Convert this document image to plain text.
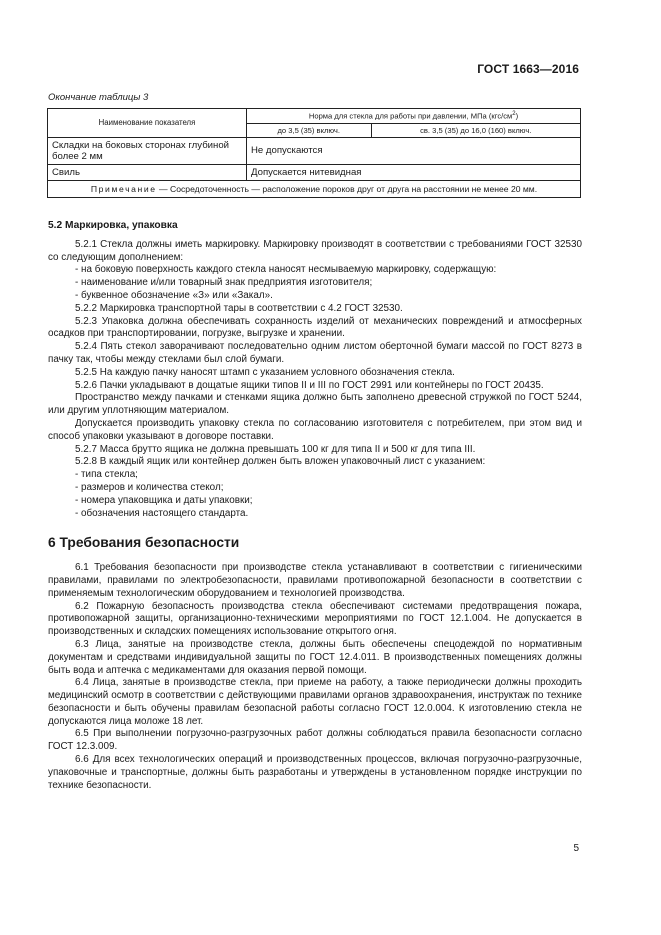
ГОСТ 1663—2016
Окончание таблицы 3
Наименование показателя	Норма для стекла для работы при давлении, МПа $(кгс/см^2)$	
	до 3,5 (35) включ.	св. 3,5 (35) до 16,0 (160) включ.
Складки на боковых сторонах глубиной более 2 мм	Не допускаются	
Свиль	Допускается нитевидная	
Примечание — Сосредоточенность — расположение пороков друг от друга на расстоянии не менее 20 мм.		

5.2 Маркировка, упаковка

5.2.1 Стекла должны иметь маркировку. Маркировку производят в соответствии с требованиями ГОСТ 32530 со следующим дополнением:

- на боковую поверхность каждого стекла наносят несмываемую маркировку, содержащую:

- наименование и/или товарный знак предприятия изготовителя;

- буквенное обозначение «З» или «Закал».

5.2.2 Маркировка транспортной тары в соответствии с 4.2 ГОСТ 32530.

5.2.3 Упаковка должна обеспечивать сохранность изделий от механических повреждений и атмосферных осадков при транспортировании, погрузке, выгрузке и хранении.

5.2.4 Пять стекол заворачивают последовательно одним листом оберточной бумаги массой по ГОСТ 8273 в пачку так, чтобы между стеклами был слой бумаги.

5.2.5 На каждую пачку наносят штамп с указанием условного обозначения стекла.

5.2.6 Пачки укладывают в дощатые ящики типов II и III по ГОСТ 2991 или контейнеры по ГОСТ 20435.

Пространство между пачками и стенками ящика должно быть заполнено древесной стружкой по ГОСТ 5244, или другим уплотняющим материалом.

Допускается производить упаковку стекла по согласованию изготовителя с потребителем, при этом вид и способ упаковки указывают в договоре поставки.

5.2.7 Масса брутто ящика не должна превышать 100 кг для типа II и 500 кг для типа III.

5.2.8 В каждый ящик или контейнер должен быть вложен упаковочный лист с указанием:

- типа стекла;

- размеров и количества стекол;

- номера упаковщика и даты упаковки;

- обозначения настоящего стандарта.

6 Требования безопасности

6.1 Требования безопасности при производстве стекла устанавливают в соответствии с гигиеническими правилами, правилами по электробезопасности, правилами противопожарной безопасности в соответствии с применяемым технологическим оборудованием и технологией производства.

6.2 Пожарную безопасность производства стекла обеспечивают системами предотвращения пожара, противопожарной защиты, организационно-техническими мероприятиями по ГОСТ 12.1.004. Не допускается в производственных и складских помещениях использование открытого огня.

6.3 Лица, занятые на производстве стекла, должны быть обеспечены спецодеждой по нормативным документам и средствами индивидуальной защиты по ГОСТ 12.4.011. В производственных помещениях должны быть вода и аптечка с медикаментами для оказания первой помощи.

6.4 Лица, занятые в производстве стекла, при приеме на работу, а также периодически должны проходить медицинский осмотр в соответствии с действующими правилами органов здравоохранения, инструктаж по технике безопасности и быть обучены правилам безопасной работы согласно ГОСТ 12.0.004. К изготовлению стекла не допускаются лица моложе 18 лет.

6.5 При выполнении погрузочно-разгрузочных работ должны соблюдаться правила безопасности согласно ГОСТ 12.3.009.

6.6 Для всех технологических операций и производственных процессов, включая погрузочно-разгрузочные, упаковочные и транспортные, должны быть разработаны и утверждены в установленном порядке инструкции по технике безопасности.

5
